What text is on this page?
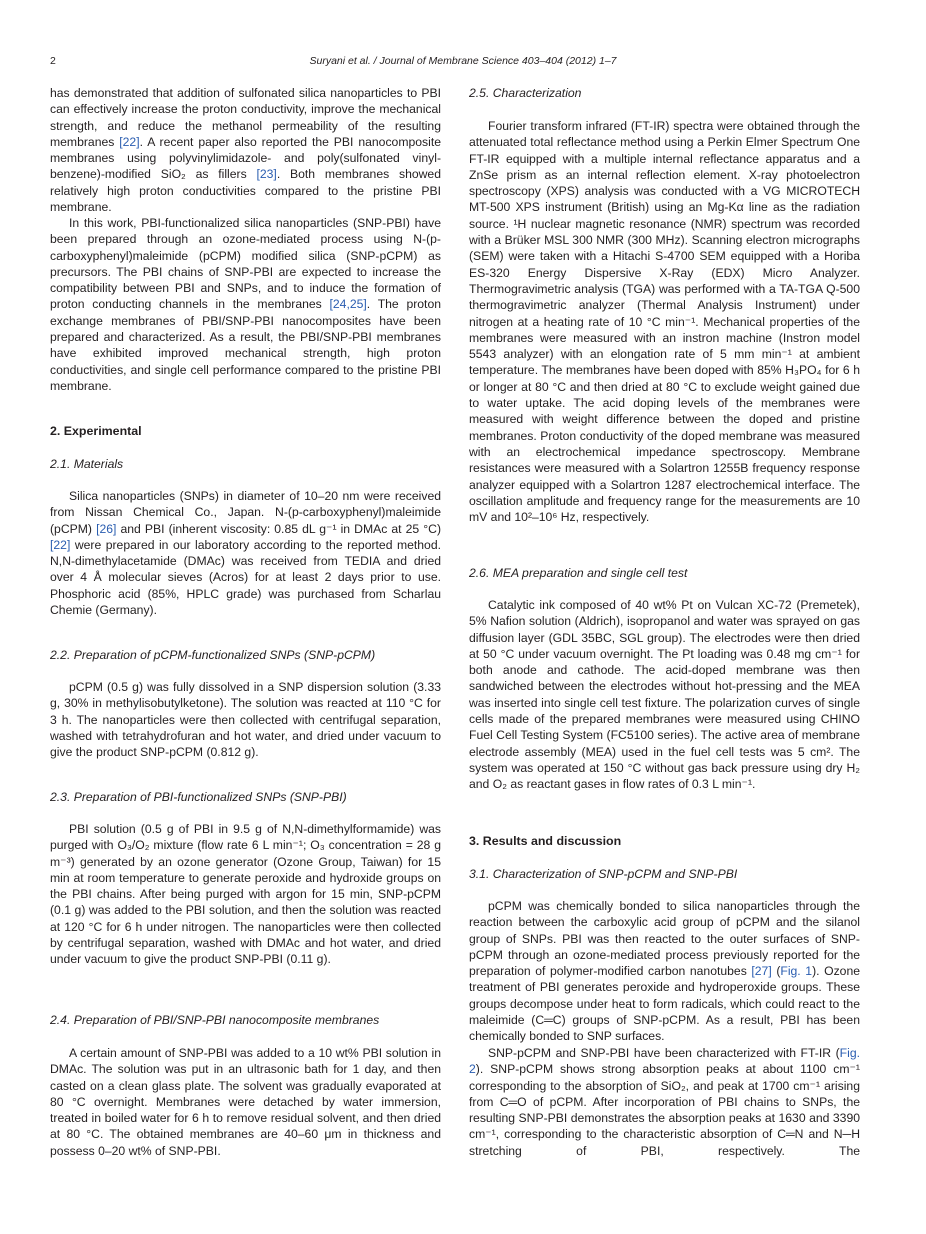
2	Suryani et al. / Journal of Membrane Science 403–404 (2012) 1–7

has demonstrated that addition of sulfonated silica nanoparticles to PBI can effectively increase the proton conductivity, improve the mechanical strength, and reduce the methanol permeability of the resulting membranes [22]. A recent paper also reported the PBI nanocomposite membranes using polyvinylimidazole- and poly(sulfonated vinyl-benzene)-modified SiO₂ as fillers [23]. Both membranes showed relatively high proton conductivities compared to the pristine PBI membrane.

In this work, PBI-functionalized silica nanoparticles (SNP-PBI) have been prepared through an ozone-mediated process using N-(p-carboxyphenyl)maleimide (pCPM) modified silica (SNP-pCPM) as precursors. The PBI chains of SNP-PBI are expected to increase the compatibility between PBI and SNPs, and to induce the formation of proton conducting channels in the membranes [24,25]. The proton exchange membranes of PBI/SNP-PBI nanocomposites have been prepared and characterized. As a result, the PBI/SNP-PBI membranes have exhibited improved mechanical strength, high proton conductivities, and single cell performance compared to the pristine PBI membrane.

2. Experimental
2.1. Materials

Silica nanoparticles (SNPs) in diameter of 10–20 nm were received from Nissan Chemical Co., Japan. N-(p-carboxyphenyl)maleimide (pCPM) [26] and PBI (inherent viscosity: 0.85 dL g⁻¹ in DMAc at 25 °C) [22] were prepared in our laboratory according to the reported method. N,N-dimethylacetamide (DMAc) was received from TEDIA and dried over 4 Å molecular sieves (Acros) for at least 2 days prior to use. Phosphoric acid (85%, HPLC grade) was purchased from Scharlau Chemie (Germany).

2.2. Preparation of pCPM-functionalized SNPs (SNP-pCPM)

pCPM (0.5 g) was fully dissolved in a SNP dispersion solution (3.33 g, 30% in methylisobutylketone). The solution was reacted at 110 °C for 3 h. The nanoparticles were then collected with centrifugal separation, washed with tetrahydrofuran and hot water, and dried under vacuum to give the product SNP-pCPM (0.812 g).

2.3. Preparation of PBI-functionalized SNPs (SNP-PBI)

PBI solution (0.5 g of PBI in 9.5 g of N,N-dimethylformamide) was purged with O₃/O₂ mixture (flow rate 6 L min⁻¹; O₃ concentration = 28 g m⁻³) generated by an ozone generator (Ozone Group, Taiwan) for 15 min at room temperature to generate peroxide and hydroxide groups on the PBI chains. After being purged with argon for 15 min, SNP-pCPM (0.1 g) was added to the PBI solution, and then the solution was reacted at 120 °C for 6 h under nitrogen. The nanoparticles were then collected by centrifugal separation, washed with DMAc and hot water, and dried under vacuum to give the product SNP-PBI (0.11 g).

2.4. Preparation of PBI/SNP-PBI nanocomposite membranes

A certain amount of SNP-PBI was added to a 10 wt% PBI solution in DMAc. The solution was put in an ultrasonic bath for 1 day, and then casted on a clean glass plate. The solvent was gradually evaporated at 80 °C overnight. Membranes were detached by water immersion, treated in boiled water for 6 h to remove residual solvent, and then dried at 80 °C. The obtained membranes are 40–60 μm in thickness and possess 0–20 wt% of SNP-PBI.

2.5. Characterization

Fourier transform infrared (FT-IR) spectra were obtained through the attenuated total reflectance method using a Perkin Elmer Spectrum One FT-IR equipped with a multiple internal reflectance apparatus and a ZnSe prism as an internal reflection element. X-ray photoelectron spectroscopy (XPS) analysis was conducted with a VG MICROTECH MT-500 XPS instrument (British) using an Mg-Kα line as the radiation source. ¹H nuclear magnetic resonance (NMR) spectrum was recorded with a Brüker MSL 300 NMR (300 MHz). Scanning electron micrographs (SEM) were taken with a Hitachi S-4700 SEM equipped with a Horiba ES-320 Energy Dispersive X-Ray (EDX) Micro Analyzer. Thermogravimetric analysis (TGA) was performed with a TA-TGA Q-500 thermogravimetric analyzer (Thermal Analysis Instrument) under nitrogen at a heating rate of 10 °C min⁻¹. Mechanical properties of the membranes were measured with an instron machine (Instron model 5543 analyzer) with an elongation rate of 5 mm min⁻¹ at ambient temperature. The membranes have been doped with 85% H₃PO₄ for 6 h or longer at 80 °C and then dried at 80 °C to exclude weight gained due to water uptake. The acid doping levels of the membranes were measured with weight difference between the doped and pristine membranes. Proton conductivity of the doped membrane was measured with an electrochemical impedance spectroscopy. Membrane resistances were measured with a Solartron 1255B frequency response analyzer equipped with a Solartron 1287 electrochemical interface. The oscillation amplitude and frequency range for the measurements are 10 mV and 10²–10⁶ Hz, respectively.

2.6. MEA preparation and single cell test

Catalytic ink composed of 40 wt% Pt on Vulcan XC-72 (Premetek), 5% Nafion solution (Aldrich), isopropanol and water was sprayed on gas diffusion layer (GDL 35BC, SGL group). The electrodes were then dried at 50 °C under vacuum overnight. The Pt loading was 0.48 mg cm⁻¹ for both anode and cathode. The acid-doped membrane was then sandwiched between the electrodes without hot-pressing and the MEA was inserted into single cell test fixture. The polarization curves of single cells made of the prepared membranes were measured using CHINO Fuel Cell Testing System (FC5100 series). The active area of membrane electrode assembly (MEA) used in the fuel cell tests was 5 cm². The system was operated at 150 °C without gas back pressure using dry H₂ and O₂ as reactant gases in flow rates of 0.3 L min⁻¹.

3. Results and discussion
3.1. Characterization of SNP-pCPM and SNP-PBI

pCPM was chemically bonded to silica nanoparticles through the reaction between the carboxylic acid group of pCPM and the silanol group of SNPs. PBI was then reacted to the outer surfaces of SNP-pCPM through an ozone-mediated process previously reported for the preparation of polymer-modified carbon nanotubes [27] (Fig. 1). Ozone treatment of PBI generates peroxide and hydroperoxide groups. These groups decompose under heat to form radicals, which could react to the maleimide (C═C) groups of SNP-pCPM. As a result, PBI has been chemically bonded to SNP surfaces.

SNP-pCPM and SNP-PBI have been characterized with FT-IR (Fig. 2). SNP-pCPM shows strong absorption peaks at about 1100 cm⁻¹ corresponding to the absorption of SiO₂, and peak at 1700 cm⁻¹ arising from C═O of pCPM. After incorporation of PBI chains to SNPs, the resulting SNP-PBI demonstrates the absorption peaks at 1630 and 3390 cm⁻¹, corresponding to the characteristic absorption of C═N and N─H stretching of PBI, respectively. The
